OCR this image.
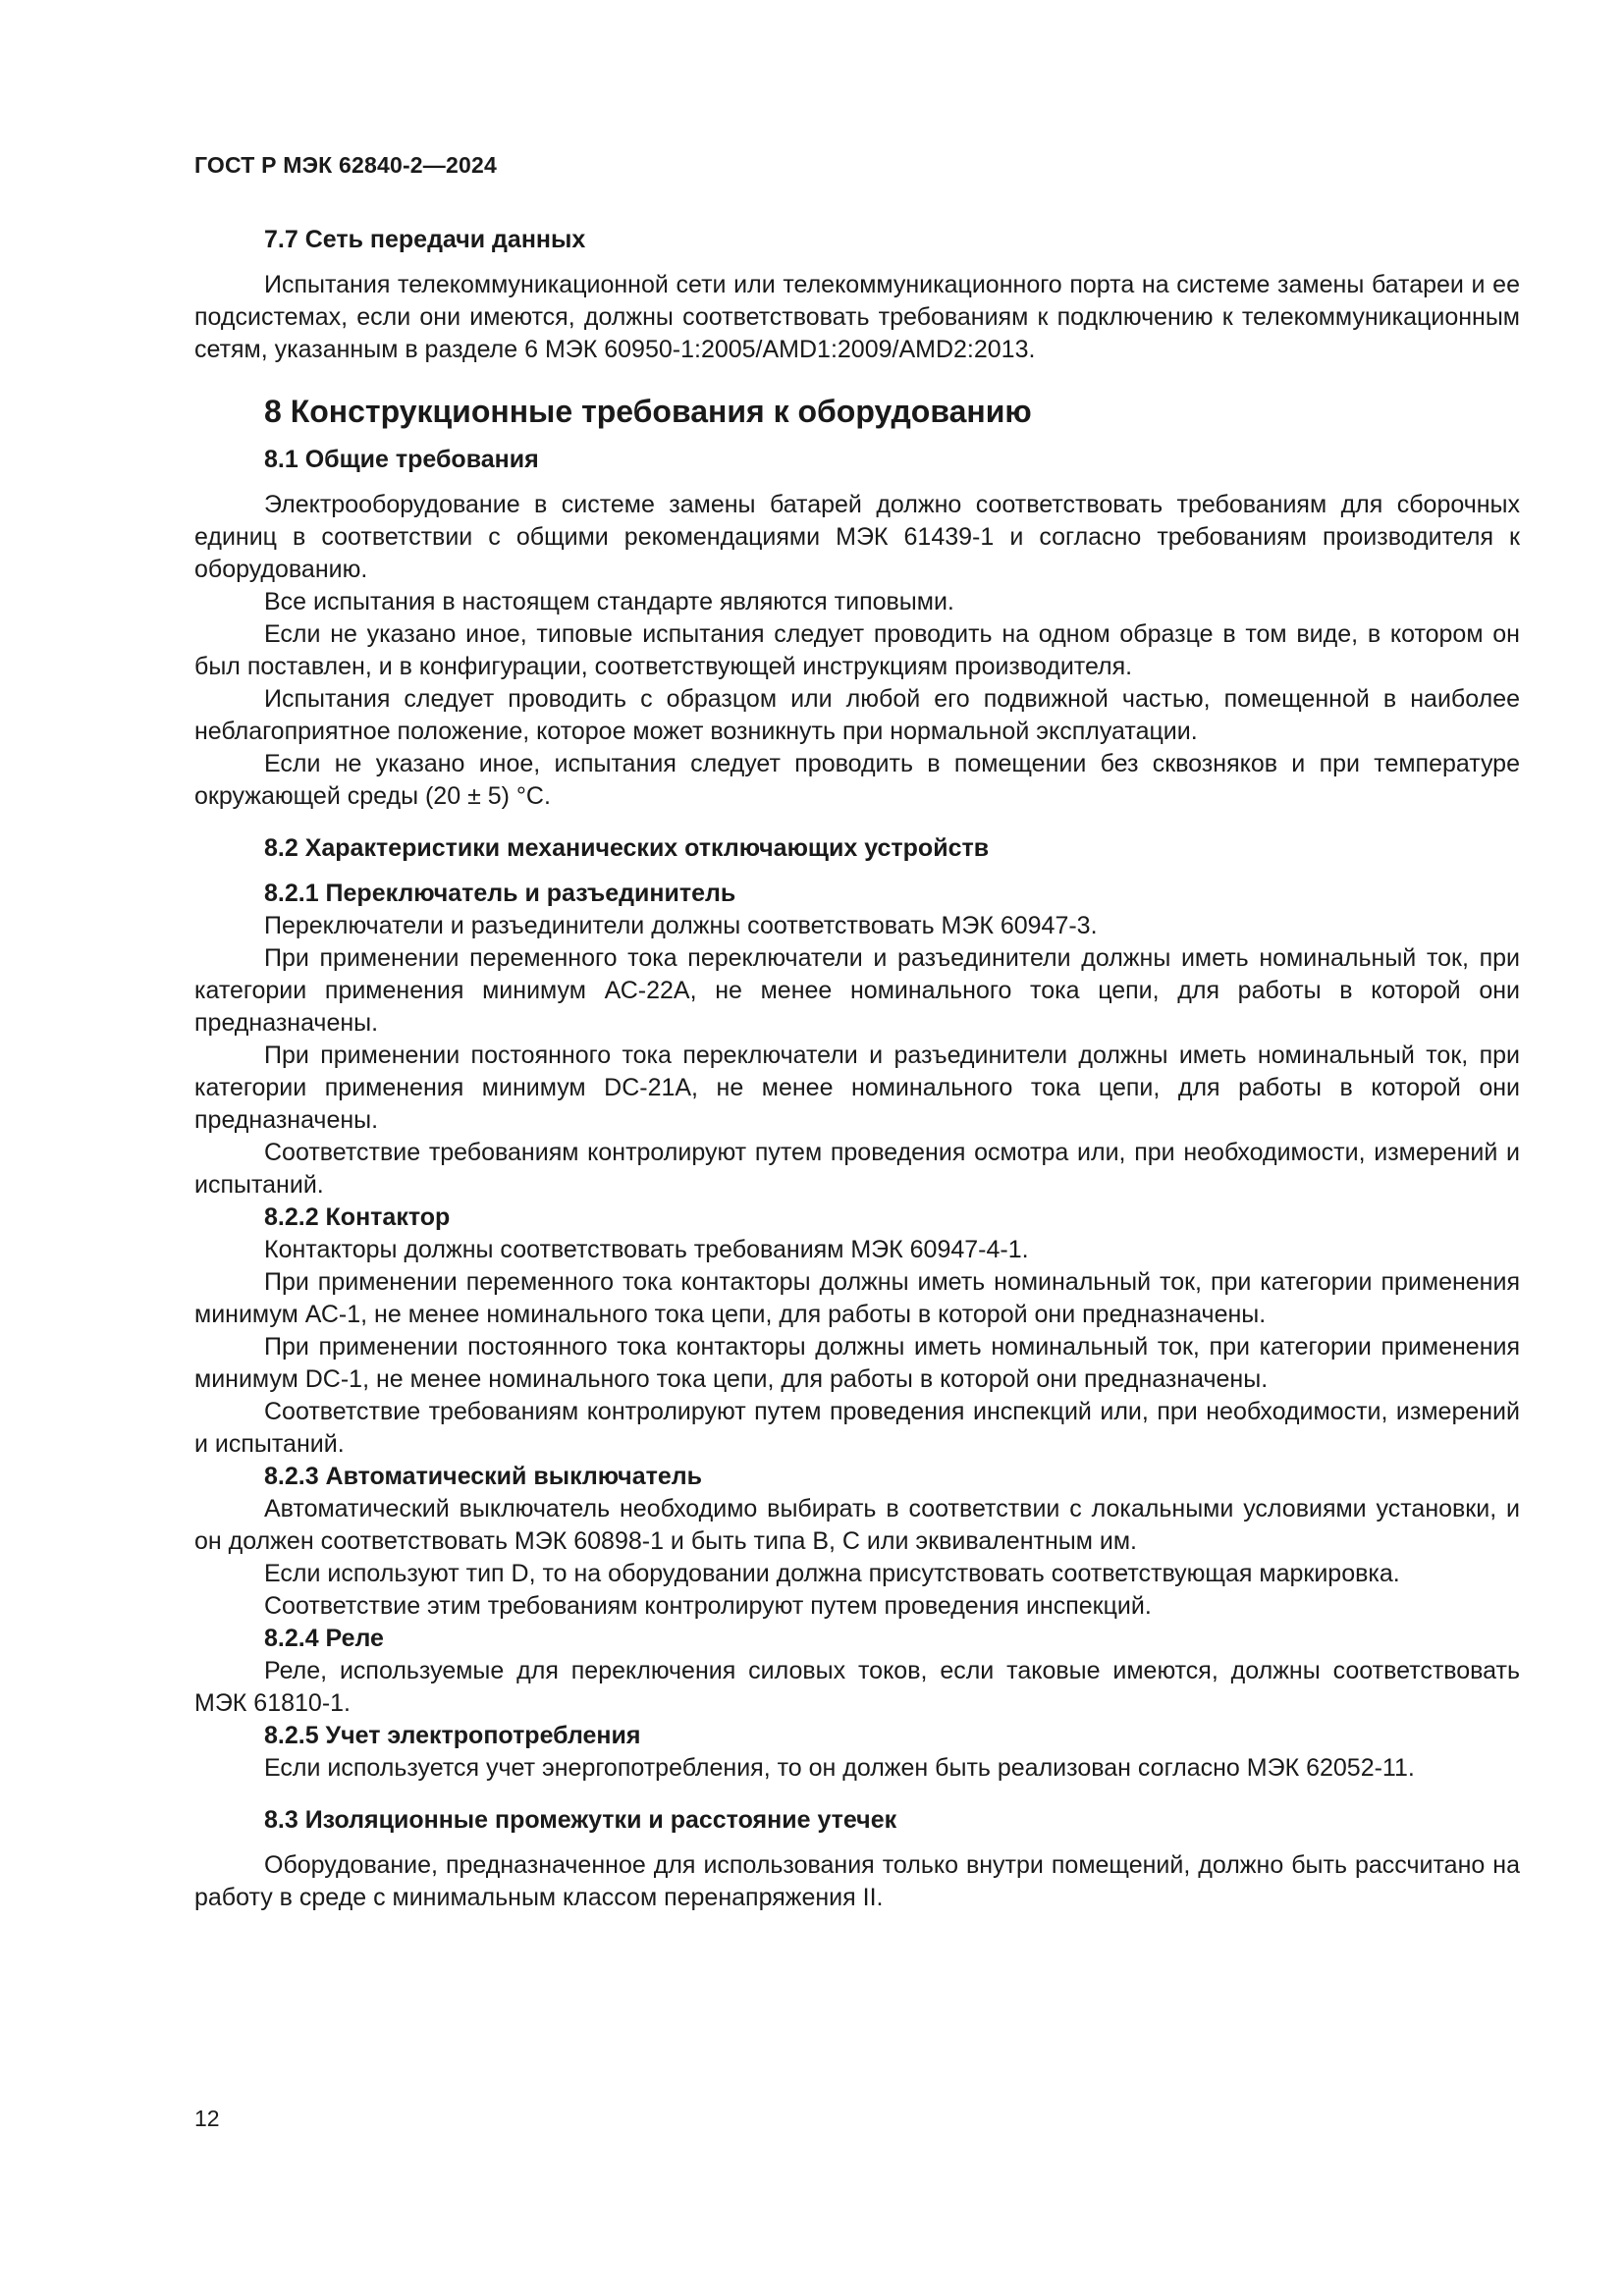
ГОСТ Р МЭК 62840-2—2024
7.7 Сеть передачи данных

Испытания телекоммуникационной сети или телекоммуникационного порта на системе замены батареи и ее подсистемах, если они имеются, должны соответствовать требованиям к подключению к телекоммуникационным сетям, указанным в разделе 6 МЭК 60950-1:2005/AMD1:2009/AMD2:2013.

8 Конструкционные требования к оборудованию
8.1 Общие требования

Электрооборудование в системе замены батарей должно соответствовать требованиям для сборочных единиц в соответствии с общими рекомендациями МЭК 61439-1 и согласно требованиям производителя к оборудованию.

Все испытания в настоящем стандарте являются типовыми.

Если не указано иное, типовые испытания следует проводить на одном образце в том виде, в котором он был поставлен, и в конфигурации, соответствующей инструкциям производителя.

Испытания следует проводить с образцом или любой его подвижной частью, помещенной в наиболее неблагоприятное положение, которое может возникнуть при нормальной эксплуатации.

Если не указано иное, испытания следует проводить в помещении без сквозняков и при температуре окружающей среды (20 ± 5) °С.

8.2 Характеристики механических отключающих устройств
8.2.1 Переключатель и разъединитель

Переключатели и разъединители должны соответствовать МЭК 60947-3.

При применении переменного тока переключатели и разъединители должны иметь номинальный ток, при категории применения минимум АС-22А, не менее номинального тока цепи, для работы в которой они предназначены.

При применении постоянного тока переключатели и разъединители должны иметь номинальный ток, при категории применения минимум DC-21A, не менее номинального тока цепи, для работы в которой они предназначены.

Соответствие требованиям контролируют путем проведения осмотра или, при необходимости, измерений и испытаний.

8.2.2 Контактор

Контакторы должны соответствовать требованиям МЭК 60947-4-1.

При применении переменного тока контакторы должны иметь номинальный ток, при категории применения минимум АС-1, не менее номинального тока цепи, для работы в которой они предназначены.

При применении постоянного тока контакторы должны иметь номинальный ток, при категории применения минимум DC-1, не менее номинального тока цепи, для работы в которой они предназначены.

Соответствие требованиям контролируют путем проведения инспекций или, при необходимости, измерений и испытаний.

8.2.3 Автоматический выключатель

Автоматический выключатель необходимо выбирать в соответствии с локальными условиями установки, и он должен соответствовать МЭК 60898-1 и быть типа В, С или эквивалентным им.

Если используют тип D, то на оборудовании должна присутствовать соответствующая маркировка.

Соответствие этим требованиям контролируют путем проведения инспекций.

8.2.4 Реле

Реле, используемые для переключения силовых токов, если таковые имеются, должны соответствовать МЭК 61810-1.

8.2.5 Учет электропотребления

Если используется учет энергопотребления, то он должен быть реализован согласно МЭК 62052-11.

8.3 Изоляционные промежутки и расстояние утечек

Оборудование, предназначенное для использования только внутри помещений, должно быть рассчитано на работу в среде с минимальным классом перенапряжения II.

12
